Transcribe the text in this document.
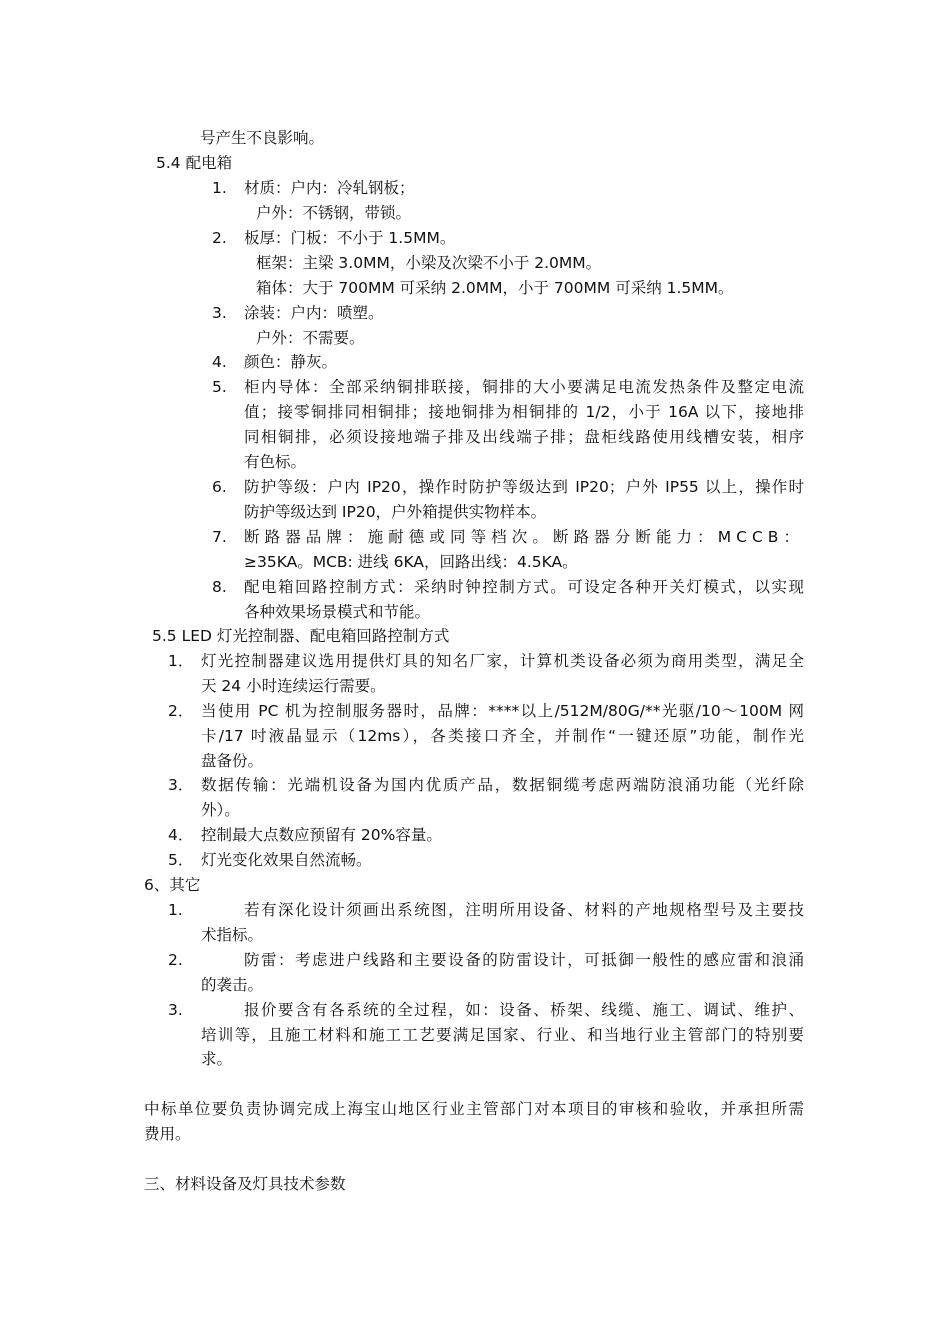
号产生不良影响。

5.4 配电箱
1. 材质：户内：冷轧钢板；

户外：不锈钢，带锁。

2. 板厚：门板：不小于 1.5MM。

框架：主梁 3.0MM，小梁及次梁不小于 2.0MM。

箱体：大于 700MM 可采纳 2.0MM，小于 700MM 可采纳 1.5MM。

3. 涂装：户内：喷塑。

户外：不需要。

4. 颜色：静灰。

5. 柜内导体：全部采纳铜排联接，铜排的大小要满足电流发热条件及整定电流

值；接零铜排同相铜排；接地铜排为相铜排的 1/2，小于 16A 以下，接地排

同相铜排，必须设接地端子排及出线端子排；盘柜线路使用线槽安装，相序

有色标。

6. 防护等级：户内 IP20，操作时防护等级达到 IP20；户外 IP55 以上，操作时

防护等级达到 IP20，户外箱提供实物样本。

7. 断路器品牌：施耐德或同等档次。断路器分断能力：MCCB：

≥35KA。MCB: 进线 6KA，回路出线：4.5KA。

8. 配电箱回路控制方式：采纳时钟控制方式。可设定各种开关灯模式，以实现

各种效果场景模式和节能。

5.5 LED 灯光控制器、配电箱回路控制方式
1． 灯光控制器建议选用提供灯具的知名厂家，计算机类设备必须为商用类型，满足全

天 24 小时连续运行需要。

2． 当使用 PC 机为控制服务器时，品牌：****以上/512M/80G/**光驱/10～100M 网

卡/17 吋液晶显示（12ms），各类接口齐全，并制作“一键还原”功能，制作光

盘备份。

3． 数据传输：光端机设备为国内优质产品，数据铜缆考虑两端防浪涌功能（光纤除

外）。

4． 控制最大点数应预留有 20%容量。

5． 灯光变化效果自然流畅。

6、其它
1.	若有深化设计须画出系统图，注明所用设备、材料的产地规格型号及主要技

术指标。

2.	防雷：考虑进户线路和主要设备的防雷设计，可抵御一般性的感应雷和浪涌

的袭击。

3.	报价要含有各系统的全过程，如：设备、桥架、线缆、施工、调试、维护、

培训等，且施工材料和施工工艺要满足国家、行业、和当地行业主管部门的特别要

求。

中标单位要负责协调完成上海宝山地区行业主管部门对本项目的审核和验收，并承担所需

费用。

三、材料设备及灯具技术参数
